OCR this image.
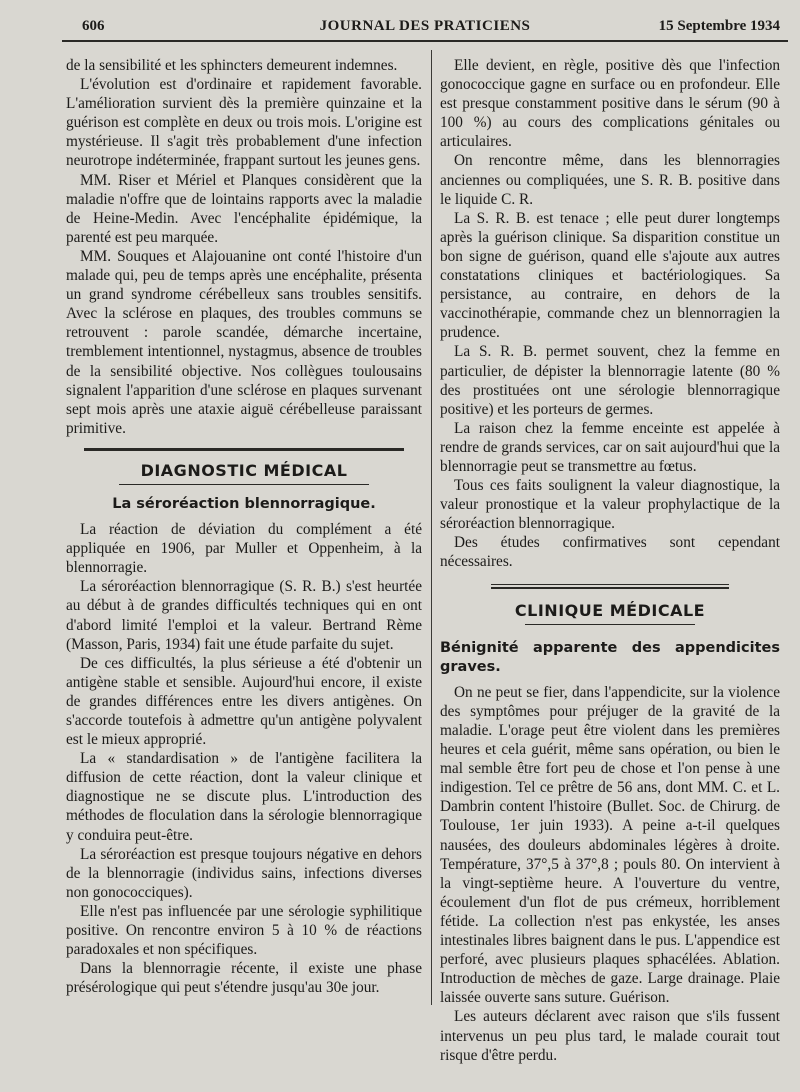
606	JOURNAL DES PRATICIENS	15 Septembre 1934

de la sensibilité et les sphincters demeurent indemnes.

L'évolution est d'ordinaire et rapidement favorable. L'amélioration survient dès la première quinzaine et la guérison est complète en deux ou trois mois. L'origine est mystérieuse. Il s'agit très probablement d'une infection neurotrope indéterminée, frappant surtout les jeunes gens.

MM. Riser et Mériel et Planques considèrent que la maladie n'offre que de lointains rapports avec la maladie de Heine-Medin. Avec l'encéphalite épidémique, la parenté est peu marquée.

MM. Souques et Alajouanine ont conté l'histoire d'un malade qui, peu de temps après une encéphalite, présenta un grand syndrome cérébelleux sans troubles sensitifs. Avec la sclérose en plaques, des troubles communs se retrouvent : parole scandée, démarche incertaine, tremblement intentionnel, nystagmus, absence de troubles de la sensibilité objective. Nos collègues toulousains signalent l'apparition d'une sclérose en plaques survenant sept mois après une ataxie aiguë cérébelleuse paraissant primitive.

DIAGNOSTIC MÉDICAL
La séroréaction blennorragique.

La réaction de déviation du complément a été appliquée en 1906, par Muller et Oppenheim, à la blennorragie.

La séroréaction blennorragique (S. R. B.) s'est heurtée au début à de grandes difficultés techniques qui en ont d'abord limité l'emploi et la valeur. Bertrand Rème (Masson, Paris, 1934) fait une étude parfaite du sujet.

De ces difficultés, la plus sérieuse a été d'obtenir un antigène stable et sensible. Aujourd'hui encore, il existe de grandes différences entre les divers antigènes. On s'accorde toutefois à admettre qu'un antigène polyvalent est le mieux approprié.

La « standardisation » de l'antigène facilitera la diffusion de cette réaction, dont la valeur clinique et diagnostique ne se discute plus. L'introduction des méthodes de floculation dans la sérologie blennorragique y conduira peut-être.

La séroréaction est presque toujours négative en dehors de la blennorragie (individus sains, infections diverses non gonococciques).

Elle n'est pas influencée par une sérologie syphilitique positive. On rencontre environ 5 à 10 % de réactions paradoxales et non spécifiques.

Dans la blennorragie récente, il existe une phase présérologique qui peut s'étendre jusqu'au 30e jour.

Elle devient, en règle, positive dès que l'infection gonococcique gagne en surface ou en profondeur. Elle est presque constamment positive dans le sérum (90 à 100 %) au cours des complications génitales ou articulaires.

On rencontre même, dans les blennorragies anciennes ou compliquées, une S. R. B. positive dans le liquide C. R.

La S. R. B. est tenace ; elle peut durer longtemps après la guérison clinique. Sa disparition constitue un bon signe de guérison, quand elle s'ajoute aux autres constatations cliniques et bactériologiques. Sa persistance, au contraire, en dehors de la vaccinothérapie, commande chez un blennorragien la prudence.

La S. R. B. permet souvent, chez la femme en particulier, de dépister la blennorragie latente (80 % des prostituées ont une sérologie blennorragique positive) et les porteurs de germes.

La raison chez la femme enceinte est appelée à rendre de grands services, car on sait aujourd'hui que la blennorragie peut se transmettre au fœtus.

Tous ces faits soulignent la valeur diagnostique, la valeur pronostique et la valeur prophylactique de la séroréaction blennorragique.

Des études confirmatives sont cependant nécessaires.

CLINIQUE MÉDICALE
Bénignité apparente des appendicites graves.

On ne peut se fier, dans l'appendicite, sur la violence des symptômes pour préjuger de la gravité de la maladie. L'orage peut être violent dans les premières heures et cela guérit, même sans opération, ou bien le mal semble être fort peu de chose et l'on pense à une indigestion. Tel ce prêtre de 56 ans, dont MM. C. et L. Dambrin content l'histoire (Bullet. Soc. de Chirurg. de Toulouse, 1er juin 1933). A peine a-t-il quelques nausées, des douleurs abdominales légères à droite. Température, 37°,5 à 37°,8 ; pouls 80. On intervient à la vingt-septième heure. A l'ouverture du ventre, écoulement d'un flot de pus crémeux, horriblement fétide. La collection n'est pas enkystée, les anses intestinales libres baignent dans le pus. L'appendice est perforé, avec plusieurs plaques sphacélées. Ablation. Introduction de mèches de gaze. Large drainage. Plaie laissée ouverte sans suture. Guérison.

Les auteurs déclarent avec raison que s'ils fussent intervenus un peu plus tard, le malade courait tout risque d'être perdu.
